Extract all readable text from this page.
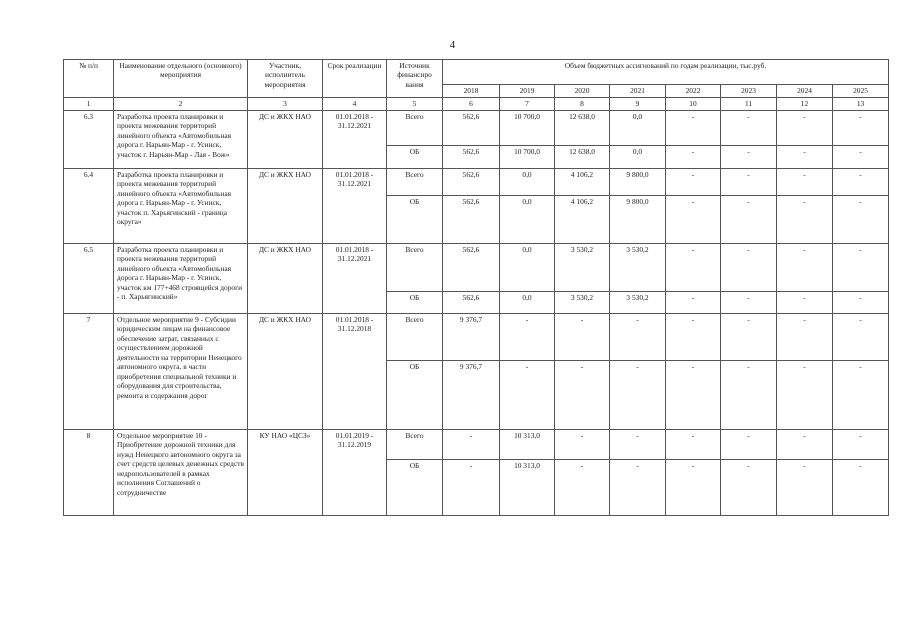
4
№ п/п	Наименование отдельного (основного) мероприятия	Участник, исполнитель мероприятия	Срок реализации	Источник финансиро вания	Объем бюджетных ассигнований по годам реализации, тыс.руб.							
					2018	2019	2020	2021	2022	2023	2024	2025
1	2	3	4	5	6	7	8	9	10	11	12	13
6.3	Разработка проекта планировки и проекта межевания территорий линейного объекта «Автомобильная дорога г. Нарьян-Мар - г. Усинск, участок г. Нарьян-Мар - Лая - Вож»	ДС и ЖКХ НАО	01.01.2018 - 31.12.2021	Всего	562,6	10 700,0	12 638,0	0,0	-	-	-	-
				ОБ	562,6	10 700,0	12 638,0	0,0	-	-	-	-
6.4	Разработка проекта планировки и проекта межевания территорий линейного объекта «Автомобильная дорога г. Нарьян-Мар - г. Усинск, участок п. Харьягинский - граница округа»	ДС и ЖКХ НАО	01.01.2018 - 31.12.2021	Всего	562,6	0,0	4 106,2	9 800,0	-	-	-	-
				ОБ	562,6	0,0	4 106,2	9 800,0	-	-	-	-
6.5	Разработка проекта планировки и проекта межевания территорий линейного объекта «Автомобильная дорога г. Нарьян-Мар - г. Усинск, участок км 177+468 строящейся дороги - п. Харьягинский»	ДС и ЖКХ НАО	01.01.2018 - 31.12.2021	Всего	562,6	0,0	3 530,2	3 530,2	-	-	-	-
				ОБ	562,6	0,0	3 530,2	3 530,2	-	-	-	-
7	Отдельное мероприятие 9 - Субсидии юридическим лицам на финансовое обеспечение затрат, связанных с осуществлением дорожной деятельности на территории Ненецкого автономного округа, в части приобретения специальной техники и оборудования для строительства, ремонта и содержания дорог	ДС и ЖКХ НАО	01.01.2018 - 31.12.2018	Всего	9 376,7	-	-	-	-	-	-	-
				ОБ	9 376,7	-	-	-	-	-	-	-
8	Отдельное мероприятие 10 - Приобретение дорожной техники для нужд Ненецкого автономного округа за счет средств целевых денежных средств недропользователей в рамках исполнения Соглашений о сотрудничестве	КУ НАО «ЦСЗ»	01.01.2019 - 31.12.2019	Всего	-	10 313,0	-	-	-	-	-	-
				ОБ	-	10 313,0	-	-	-	-	-	-
